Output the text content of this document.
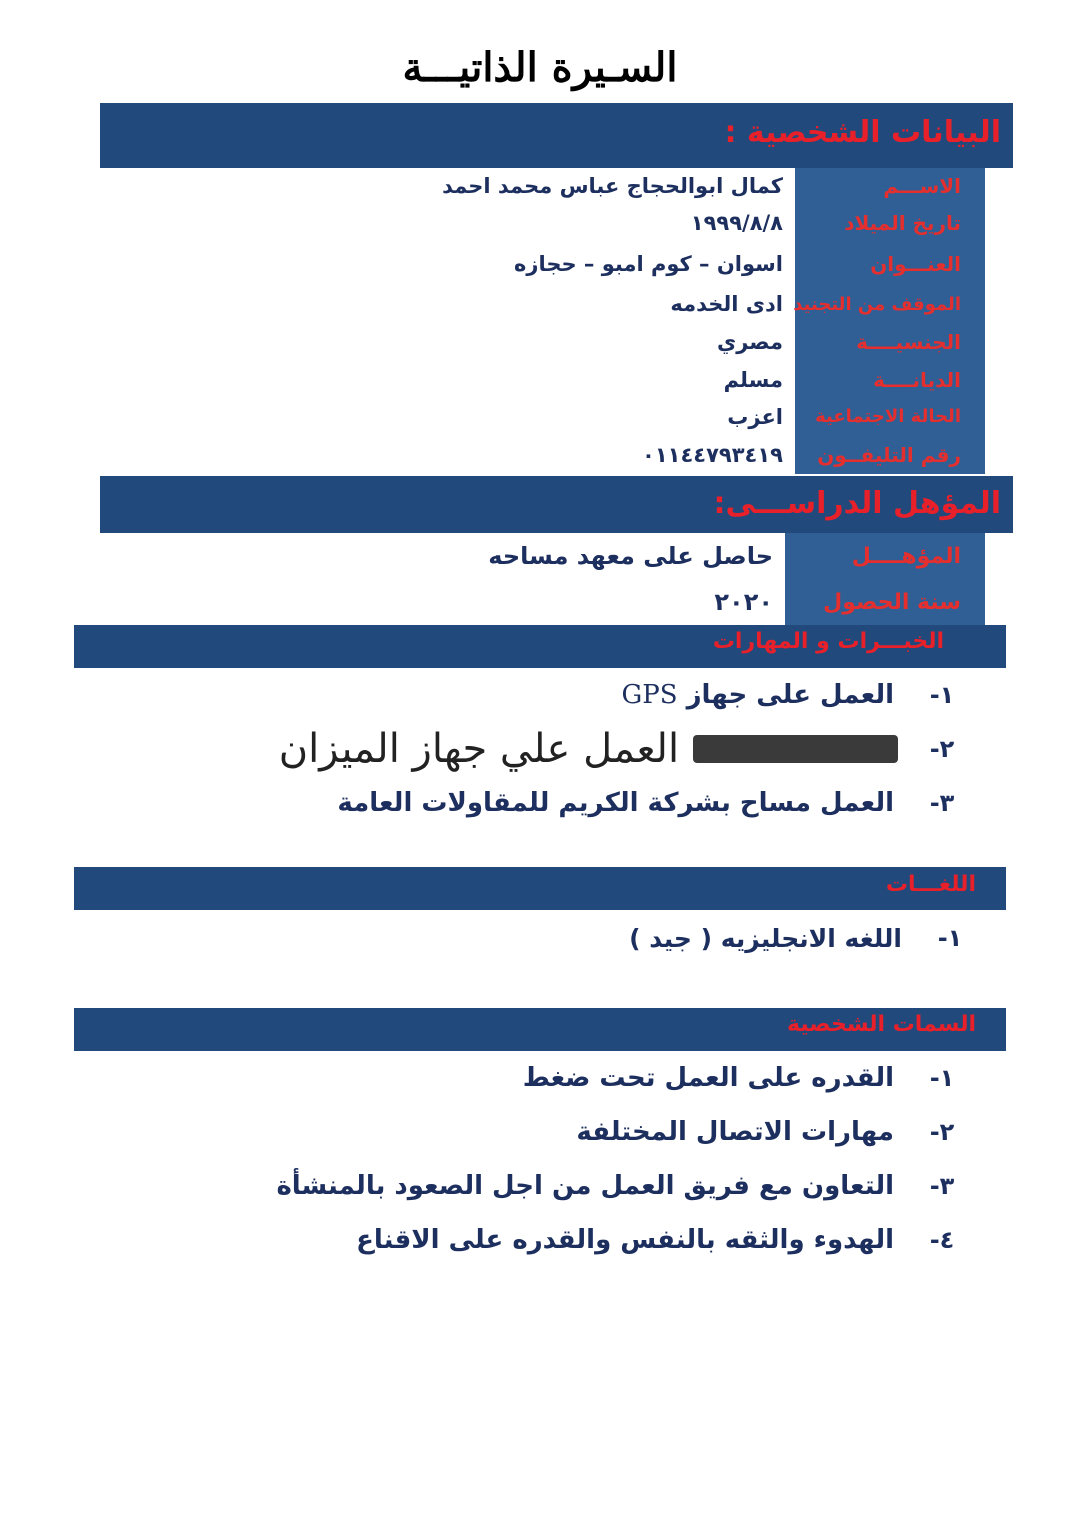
السـيرة الذاتيـــة
البيانات الشخصية :
الاســـم
كمال ابوالحجاج عباس محمد احمد
تاريخ الميلاد
١٩٩٩/٨/٨
العنـــوان
اسوان – كوم امبو – حجازه
الموقف من التجنيد
ادى الخدمه
الجنسيــــة
مصري
الديانــــة
مسلم
الحالة الاجتماعية
اعزب
رقم التليفــون
٠١١٤٤٧٩٣٤١٩
المؤهل الدراســـى:
المؤهــــل
حاصل على معهد مساحه
سنة الحصول
٢٠٢٠
الخبـــرات و المهارات
١-
العمل على جهاز GPS
٢-
العمل على جهاز المساحه
العمل علي جهاز الميزان
٣-
العمل مساح بشركة الكريم للمقاولات العامة
اللغـــات
١-
اللغه الانجليزيه ( جيد )
السمات الشخصية
١-
القدره على العمل تحت ضغط
٢-
مهارات الاتصال المختلفة
٣-
التعاون مع فريق العمل من اجل الصعود بالمنشأة
٤-
الهدوء والثقه بالنفس والقدره على الاقناع
